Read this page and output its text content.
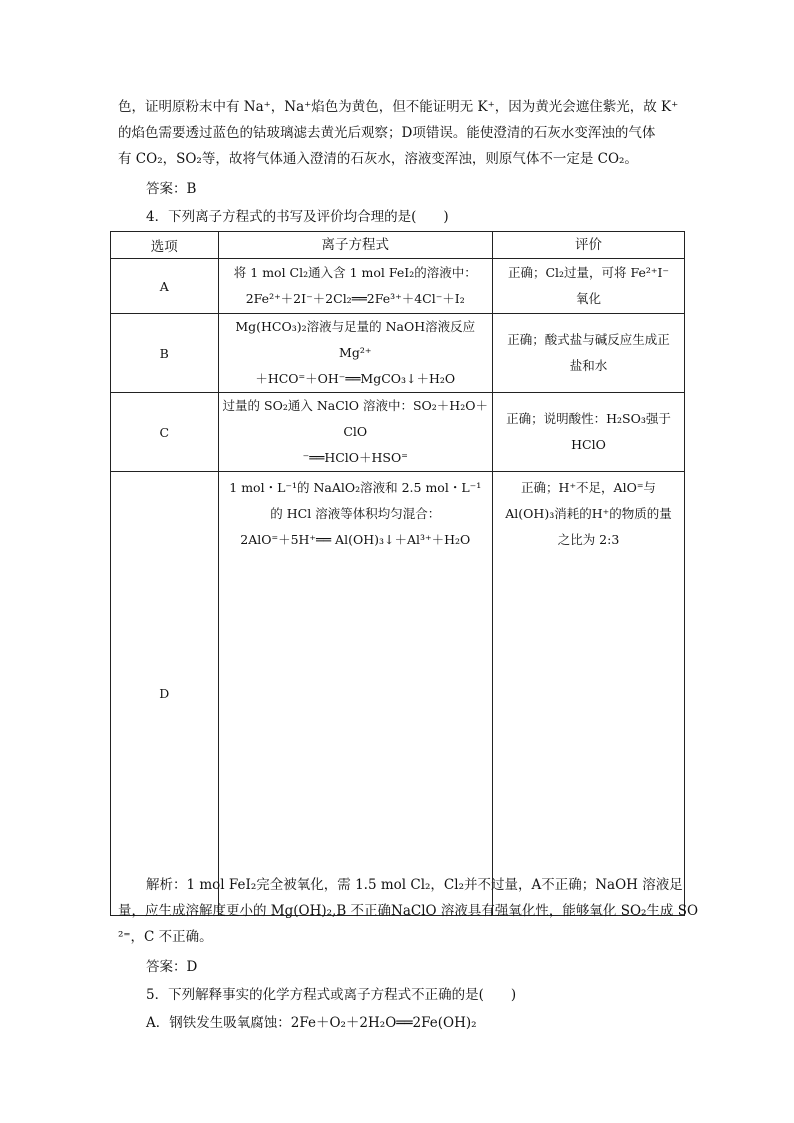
色，证明原粉末中有 Na⁺，Na⁺焰色为黄色，但不能证明无 K⁺，因为黄光会遮住紫光，故 K⁺
的焰色需要透过蓝色的钴玻璃滤去黄光后观察；D项错误。能使澄清的石灰水变浑浊的气体
有 CO₂，SO₂等，故将气体通入澄清的石灰水，溶液变浑浊，则原气体不一定是 CO₂。
答案：B
4．下列离子方程式的书写及评价均合理的是(　　)
选项	离子方程式	评价
A	将 1 mol Cl₂通入含 1 mol FeI₂的溶液中：
2Fe²⁺＋2I⁻＋2Cl₂══2Fe³⁺＋4Cl⁻＋I₂	正确；Cl₂过量，可将 Fe²⁺I⁻
氧化

B	Mg(HCO₃)₂溶液与足量的 NaOH溶液反应 Mg²⁺
＋HCO⁼＋OH⁻══MgCO₃↓＋H₂O	正确；酸式盐与碱反应生成正
盐和水

C	过量的 SO₂通入 NaClO 溶液中：SO₂＋H₂O＋ClO
⁻══HClO＋HSO⁼	正确；说明酸性：H₂SO₃强于
HClO

D	1 mol・L⁻¹的 NaAlO₂溶液和 2.5 mol・L⁻¹
的 HCl 溶液等体积均匀混合：
2AlO⁼＋5H⁺══ Al(OH)₃↓＋Al³⁺＋H₂O	正确；H⁺不足，AlO⁼与
Al(OH)₃消耗的H⁺的物质的量
之比为 2:3
解析：1 mol FeI₂完全被氧化，需 1.5 mol Cl₂，Cl₂并不过量，A不正确；NaOH 溶液足
量，应生成溶解度更小的 Mg(OH)₂,B 不正确NaClO 溶液具有强氧化性，能够氧化 SO₂生成 SO
²⁼，C 不正确。
答案：D
5．下列解释事实的化学方程式或离子方程式不正确的是(　　)
A．钢铁发生吸氧腐蚀：2Fe＋O₂＋2H₂O══2Fe(OH)₂
